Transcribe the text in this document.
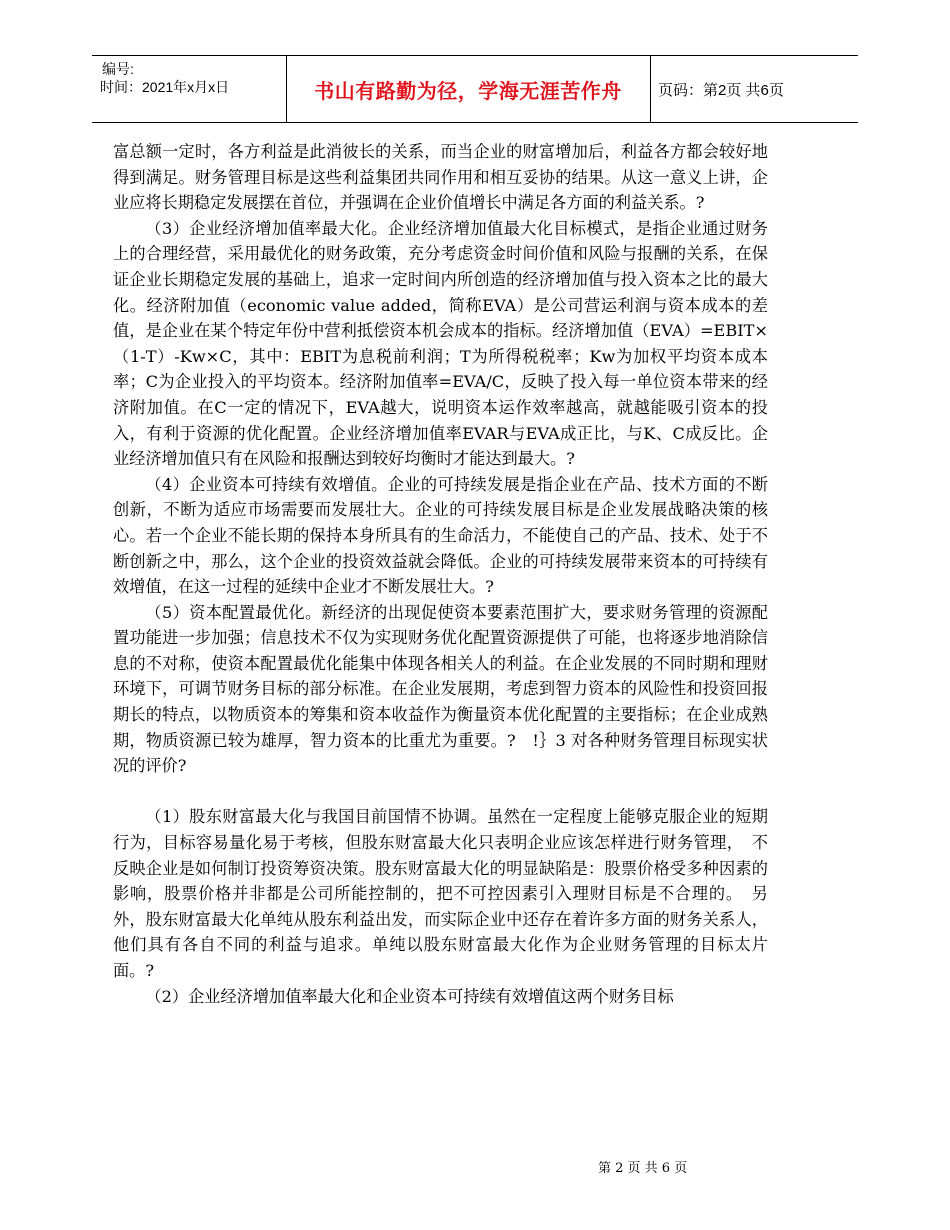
编号:
时间：2021年x月x日	书山有路勤为径，学海无涯苦作舟 页码：第2页 共6页

富总额一定时，各方利益是此消彼长的关系，而当企业的财富增加后，利益各方都会较好地得到满足。财务管理目标是这些利益集团共同作用和相互妥协的结果。从这一意义上讲，企业应将长期稳定发展摆在首位，并强调在企业价值增长中满足各方面的利益关系。?

（3）企业经济增加值率最大化。企业经济增加值最大化目标模式，是指企业通过财务上的合理经营，采用最优化的财务政策，充分考虑资金时间价值和风险与报酬的关系，在保证企业长期稳定发展的基础上，追求一定时间内所创造的经济增加值与投入资本之比的最大化。经济附加值（economic value added，简称EVA）是公司营运利润与资本成本的差值，是企业在某个特定年份中营利抵偿资本机会成本的指标。经济增加值（EVA）=EBIT×（1-T）-Kw×C，其中：EBIT为息税前利润；T为所得税税率；Kw为加权平均资本成本率；C为企业投入的平均资本。经济附加值率=EVA/C，反映了投入每一单位资本带来的经济附加值。在C一定的情况下，EVA越大，说明资本运作效率越高，就越能吸引资本的投入，有利于资源的优化配置。企业经济增加值率EVAR与EVA成正比，与K、C成反比。企业经济增加值只有在风险和报酬达到较好均衡时才能达到最大。?

（4）企业资本可持续有效增值。企业的可持续发展是指企业在产品、技术方面的不断创新，不断为适应市场需要而发展壮大。企业的可持续发展目标是企业发展战略决策的核心。若一个企业不能长期的保持本身所具有的生命活力，不能使自己的产品、技术、处于不断创新之中，那么，这个企业的投资效益就会降低。企业的可持续发展带来资本的可持续有效增值，在这一过程的延续中企业才不断发展壮大。?

（5）资本配置最优化。新经济的出现促使资本要素范围扩大，要求财务管理的资源配置功能进一步加强；信息技术不仅为实现财务优化配置资源提供了可能，也将逐步地消除信息的不对称，使资本配置最优化能集中体现各相关人的利益。在企业发展的不同时期和理财环境下，可调节财务目标的部分标准。在企业发展期，考虑到智力资本的风险性和投资回报期长的特点，以物质资本的筹集和资本收益作为衡量资本优化配置的主要指标；在企业成熟期，物质资源已较为雄厚，智力资本的比重尤为重要。?　!｝3 对各种财务管理目标现实状况的评价?

（1）股东财富最大化与我国目前国情不协调。虽然在一定程度上能够克服企业的短期行为，目标容易量化易于考核，但股东财富最大化只表明企业应该怎样进行财务管理，　不反映企业是如何制订投资筹资决策。股东财富最大化的明显缺陷是：股票价格受多种因素的影响，股票价格并非都是公司所能控制的，把不可控因素引入理财目标是不合理的。　另外，股东财富最大化单纯从股东利益出发，而实际企业中还存在着许多方面的财务关系人，他们具有各自不同的利益与追求。单纯以股东财富最大化作为企业财务管理的目标太片面。?

（2）企业经济增加值率最大化和企业资本可持续有效增值这两个财务目标

第 2 页 共 6 页
